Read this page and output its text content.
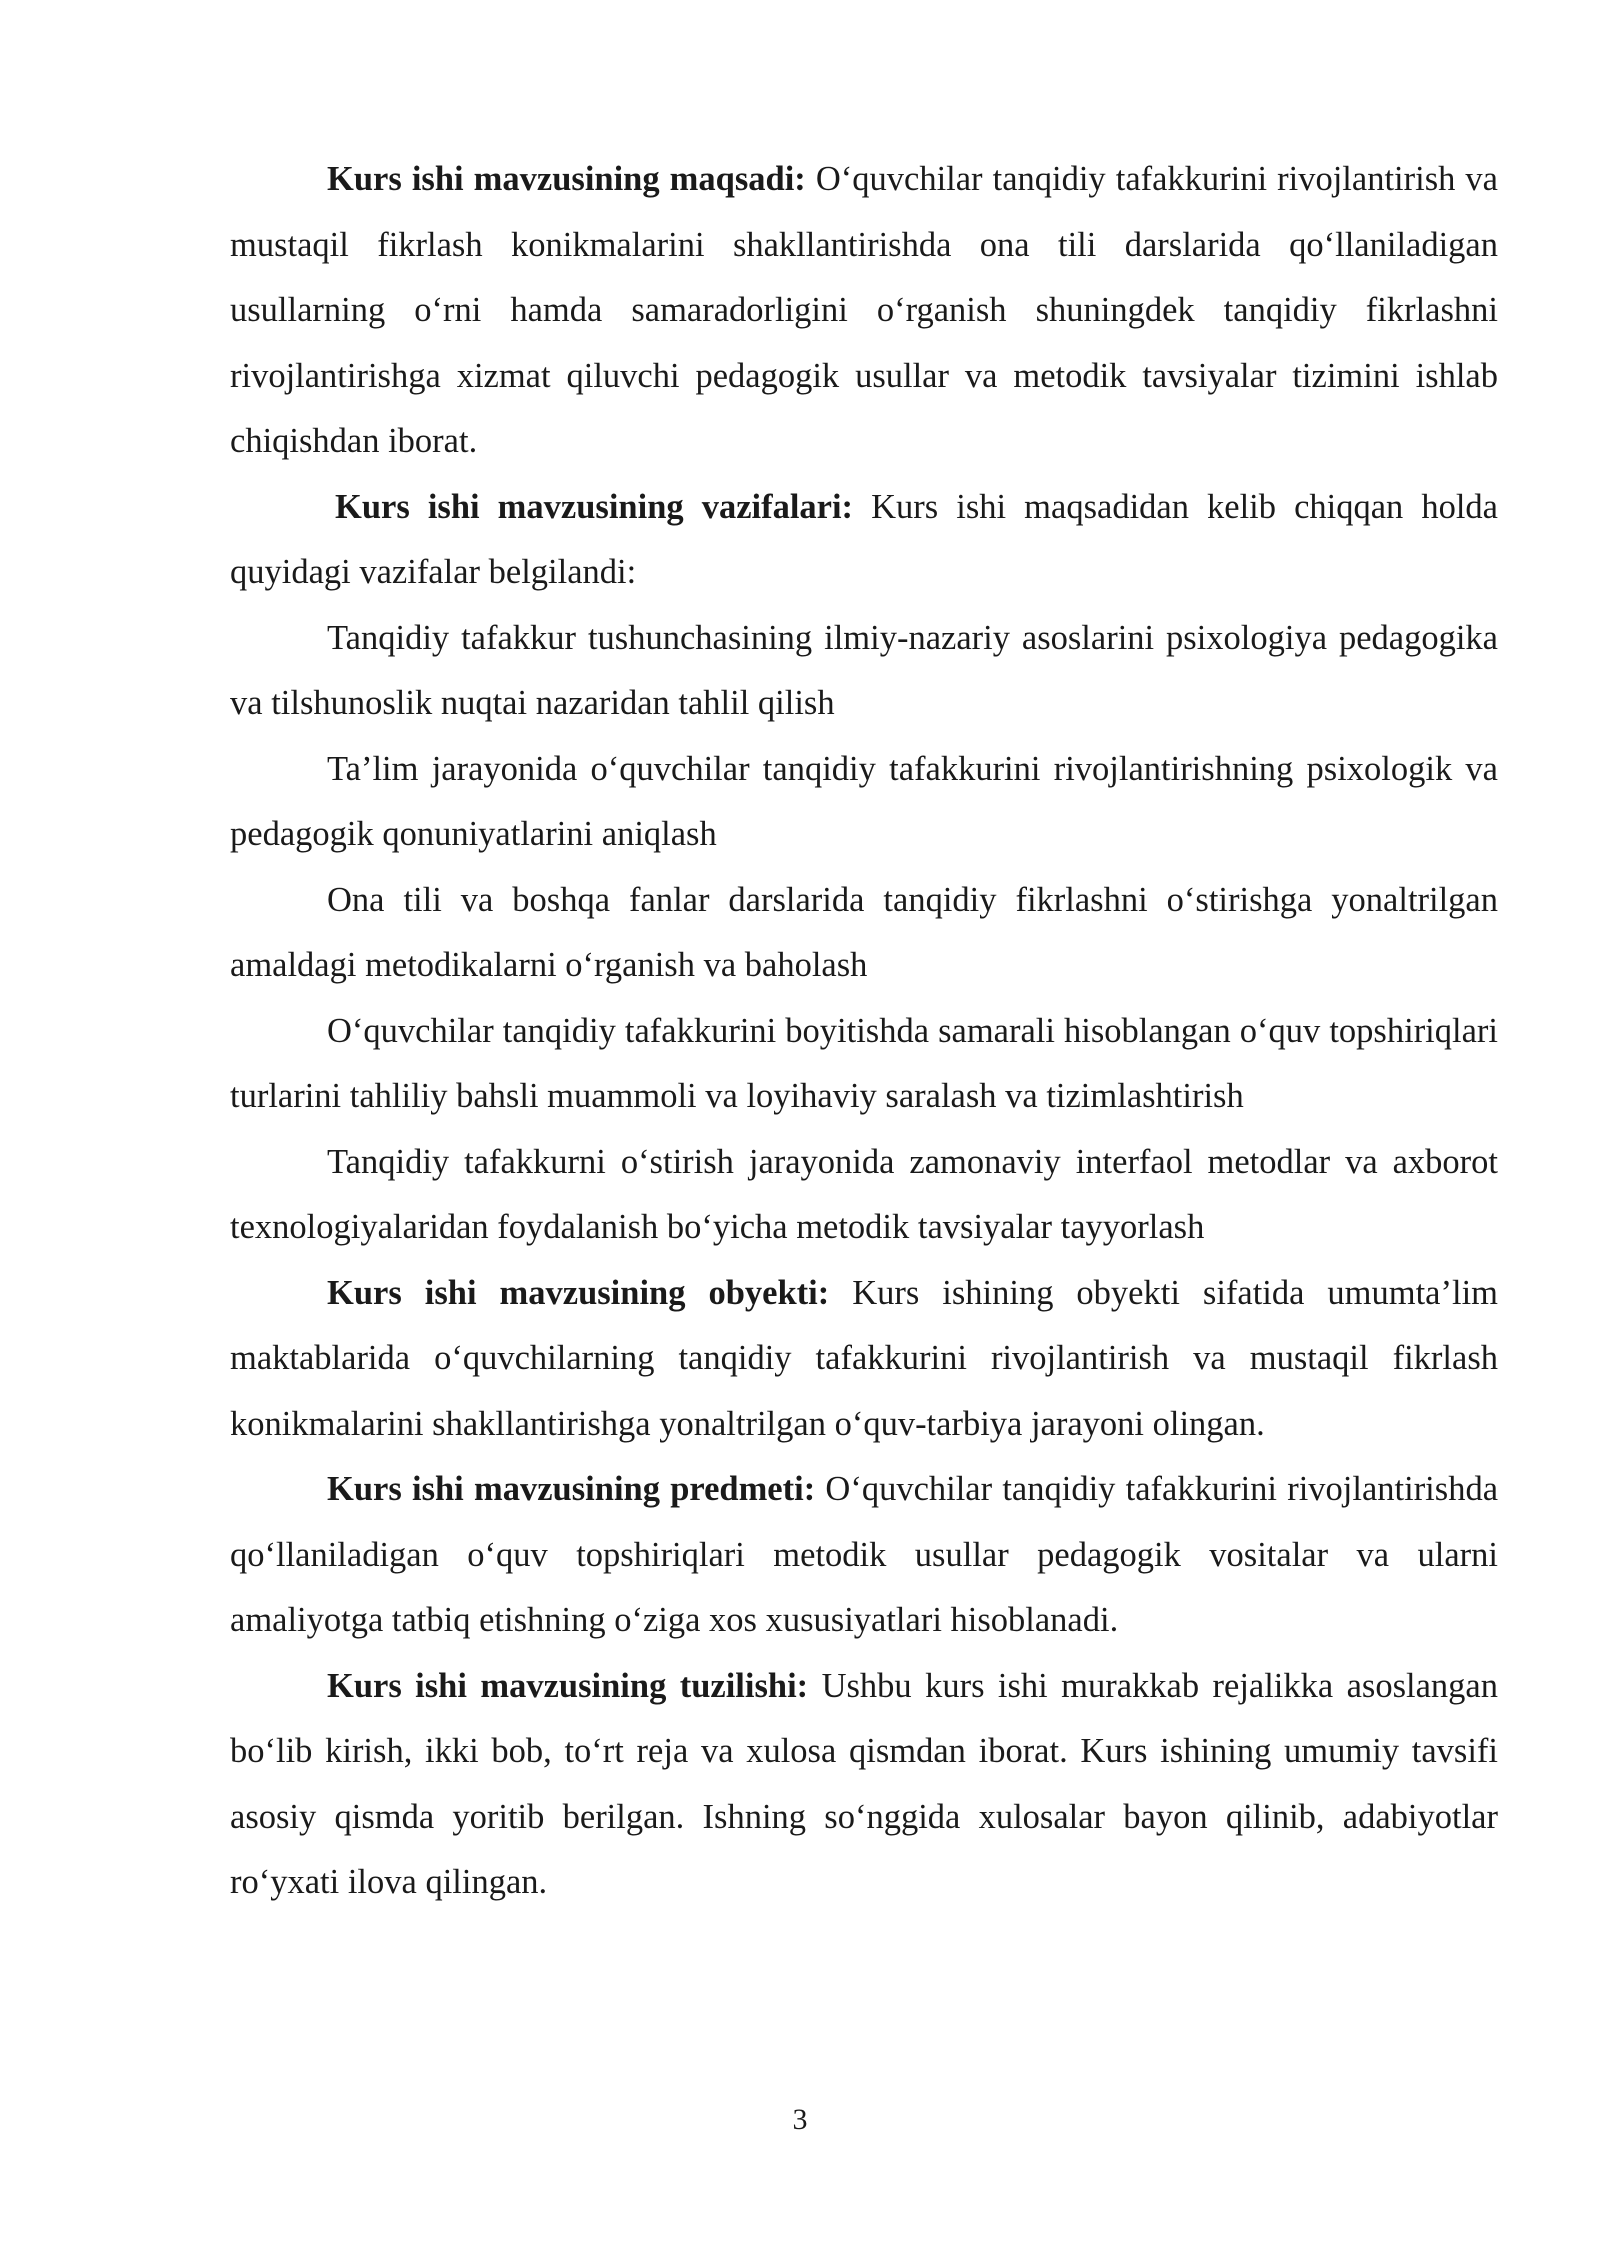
Kurs ishi mavzusining maqsadi: O‘quvchilar tanqidiy tafakkurini rivojlantirish va mustaqil fikrlash konikmalarini shakllantirishda ona tili darslarida qo‘llaniladigan usullarning o‘rni hamda samaradorligini o‘rganish shuningdek tanqidiy fikrlashni rivojlantirishga xizmat qiluvchi pedagogik usullar va metodik tavsiyalar tizimini ishlab chiqishdan iborat.

Kurs ishi mavzusining vazifalari: Kurs ishi maqsadidan kelib chiqqan holda quyidagi vazifalar belgilandi:

Tanqidiy tafakkur tushunchasining ilmiy-nazariy asoslarini psixologiya pedagogika va tilshunoslik nuqtai nazaridan tahlil qilish

Ta’lim jarayonida o‘quvchilar tanqidiy tafakkurini rivojlantirishning psixologik va pedagogik qonuniyatlarini aniqlash

Ona tili va boshqa fanlar darslarida tanqidiy fikrlashni o‘stirishga yonaltrilgan amaldagi metodikalarni o‘rganish va baholash

O‘quvchilar tanqidiy tafakkurini boyitishda samarali hisoblangan o‘quv topshiriqlari turlarini tahliliy bahsli muammoli va loyihaviy saralash va tizimlashtirish

Tanqidiy tafakkurni o‘stirish jarayonida zamonaviy interfaol metodlar va axborot texnologiyalaridan foydalanish bo‘yicha metodik tavsiyalar tayyorlash

Kurs ishi mavzusining obyekti: Kurs ishining obyekti sifatida umumta’lim maktablarida o‘quvchilarning tanqidiy tafakkurini rivojlantirish va mustaqil fikrlash konikmalarini shakllantirishga yonaltrilgan o‘quv-tarbiya jarayoni olingan.

Kurs ishi mavzusining predmeti: O‘quvchilar tanqidiy tafakkurini rivojlantirishda qo‘llaniladigan o‘quv topshiriqlari metodik usullar pedagogik vositalar va ularni amaliyotga tatbiq etishning o‘ziga xos xususiyatlari hisoblanadi.

Kurs ishi mavzusining tuzilishi: Ushbu kurs ishi murakkab rejalikka asoslangan bo‘lib kirish, ikki bob, to‘rt reja va xulosa qismdan iborat. Kurs ishining umumiy tavsifi asosiy qismda yoritib berilgan. Ishning so‘nggida xulosalar bayon qilinib, adabiyotlar ro‘yxati ilova qilingan.

3
